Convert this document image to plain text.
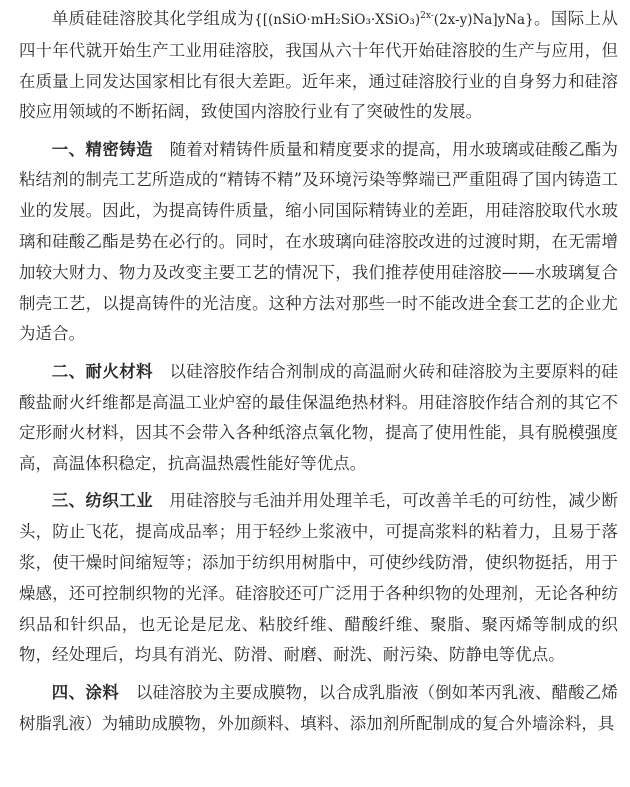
单质硅硅溶胶其化学组成为{[(nSiO·mH₂SiO₃·XSiO₃)$^{2x-}$(2x-y)Na]yNa}。国际上从四十年代就开始生产工业用硅溶胶，我国从六十年代开始硅溶胶的生产与应用，但在质量上同发达国家相比有很大差距。近年来，通过硅溶胶行业的自身努力和硅溶胶应用领域的不断拓阔，致使国内溶胶行业有了突破性的发展。

一、精密铸造　 随着对精铸件质量和精度要求的提高，用水玻璃或硅酸乙酯为粘结剂的制壳工艺所造成的“精铸不精”及环境污染等弊端已严重阻碍了国内铸造工业的发展。因此，为提高铸件质量，缩小同国际精铸业的差距，用硅溶胶取代水玻璃和硅酸乙酯是势在必行的。同时，在水玻璃向硅溶胶改进的过渡时期，在无需增加较大财力、物力及改变主要工艺的情况下，我们推荐使用硅溶胶——水玻璃复合制壳工艺，以提高铸件的光洁度。这种方法对那些一时不能改进全套工艺的企业尤为适合。

二、耐火材料　 以硅溶胶作结合剂制成的高温耐火砖和硅溶胶为主要原料的硅酸盐耐火纤维都是高温工业炉窑的最佳保温绝热材料。用硅溶胶作结合剂的其它不定形耐火材料，因其不会带入各种纸溶点氧化物，提高了使用性能，具有脱模强度高，高温体积稳定，抗高温热震性能好等优点。

三、纺织工业　 用硅溶胶与毛油并用处理羊毛，可改善羊毛的可纺性，减少断头，防止飞花，提高成品率；用于轻纱上浆液中，可提高浆料的粘着力，且易于落浆，使干燥时间缩短等；添加于纺织用树脂中，可使纱线防滑，使织物挺括，用于燥感，还可控制织物的光泽。硅溶胶还可广泛用于各种织物的处理剂，无论各种纺织品和针织品，也无论是尼龙、粘胶纤维、醋酸纤维、聚脂、聚丙烯等制成的织物，经处理后，均具有消光、防滑、耐磨、耐洗、耐污染、防静电等优点。

四、涂料　 以硅溶胶为主要成膜物，以合成乳脂液（倒如苯丙乳液、醋酸乙烯树脂乳液）为辅助成膜物，外加颜料、填料、添加剂所配制成的复合外墙涂料，具
